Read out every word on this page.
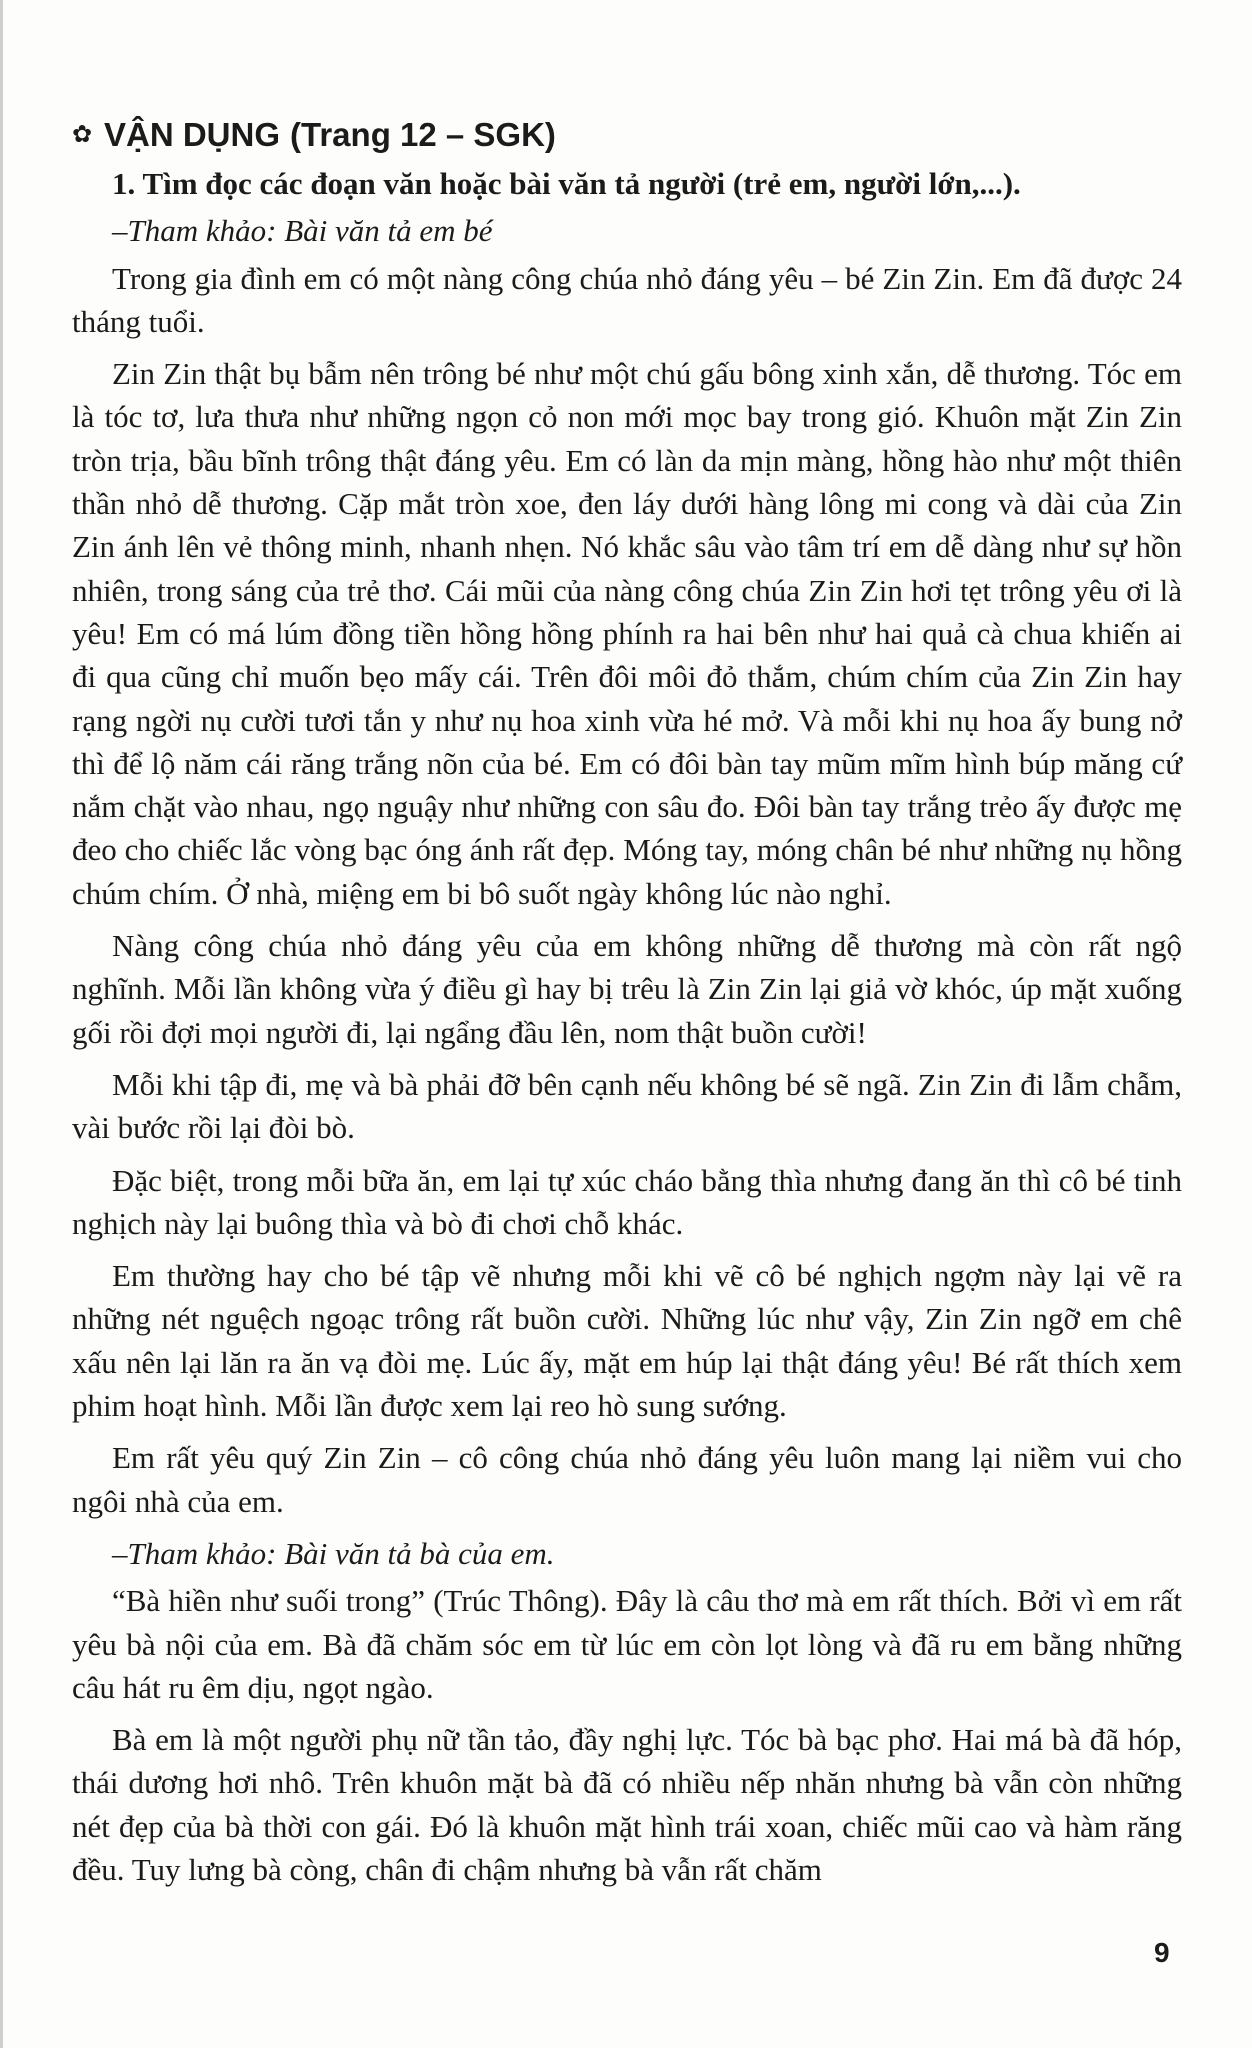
✿ VẬN DỤNG (Trang 12 – SGK)
1. Tìm đọc các đoạn văn hoặc bài văn tả người (trẻ em, người lớn,...).
–Tham khảo: Bài văn tả em bé

Trong gia đình em có một nàng công chúa nhỏ đáng yêu – bé Zin Zin. Em đã được 24 tháng tuổi.

Zin Zin thật bụ bẫm nên trông bé như một chú gấu bông xinh xắn, dễ thương. Tóc em là tóc tơ, lưa thưa như những ngọn cỏ non mới mọc bay trong gió. Khuôn mặt Zin Zin tròn trịa, bầu bĩnh trông thật đáng yêu. Em có làn da mịn màng, hồng hào như một thiên thần nhỏ dễ thương. Cặp mắt tròn xoe, đen láy dưới hàng lông mi cong và dài của Zin Zin ánh lên vẻ thông minh, nhanh nhẹn. Nó khắc sâu vào tâm trí em dễ dàng như sự hồn nhiên, trong sáng của trẻ thơ. Cái mũi của nàng công chúa Zin Zin hơi tẹt trông yêu ơi là yêu! Em có má lúm đồng tiền hồng hồng phính ra hai bên như hai quả cà chua khiến ai đi qua cũng chỉ muốn bẹo mấy cái. Trên đôi môi đỏ thắm, chúm chím của Zin Zin hay rạng ngời nụ cười tươi tắn y như nụ hoa xinh vừa hé mở. Và mỗi khi nụ hoa ấy bung nở thì để lộ năm cái răng trắng nõn của bé. Em có đôi bàn tay mũm mĩm hình búp măng cứ nắm chặt vào nhau, ngọ nguậy như những con sâu đo. Đôi bàn tay trắng trẻo ấy được mẹ đeo cho chiếc lắc vòng bạc óng ánh rất đẹp. Móng tay, móng chân bé như những nụ hồng chúm chím. Ở nhà, miệng em bi bô suốt ngày không lúc nào nghỉ.

Nàng công chúa nhỏ đáng yêu của em không những dễ thương mà còn rất ngộ nghĩnh. Mỗi lần không vừa ý điều gì hay bị trêu là Zin Zin lại giả vờ khóc, úp mặt xuống gối rồi đợi mọi người đi, lại ngẩng đầu lên, nom thật buồn cười!

Mỗi khi tập đi, mẹ và bà phải đỡ bên cạnh nếu không bé sẽ ngã. Zin Zin đi lẫm chẫm, vài bước rồi lại đòi bò.

Đặc biệt, trong mỗi bữa ăn, em lại tự xúc cháo bằng thìa nhưng đang ăn thì cô bé tinh nghịch này lại buông thìa và bò đi chơi chỗ khác.

Em thường hay cho bé tập vẽ nhưng mỗi khi vẽ cô bé nghịch ngợm này lại vẽ ra những nét nguệch ngoạc trông rất buồn cười. Những lúc như vậy, Zin Zin ngỡ em chê xấu nên lại lăn ra ăn vạ đòi mẹ. Lúc ấy, mặt em húp lại thật đáng yêu! Bé rất thích xem phim hoạt hình. Mỗi lần được xem lại reo hò sung sướng.

Em rất yêu quý Zin Zin – cô công chúa nhỏ đáng yêu luôn mang lại niềm vui cho ngôi nhà của em.

–Tham khảo: Bài văn tả bà của em.

“Bà hiền như suối trong” (Trúc Thông). Đây là câu thơ mà em rất thích. Bởi vì em rất yêu bà nội của em. Bà đã chăm sóc em từ lúc em còn lọt lòng và đã ru em bằng những câu hát ru êm dịu, ngọt ngào.

Bà em là một người phụ nữ tần tảo, đầy nghị lực. Tóc bà bạc phơ. Hai má bà đã hóp, thái dương hơi nhô. Trên khuôn mặt bà đã có nhiều nếp nhăn nhưng bà vẫn còn những nét đẹp của bà thời con gái. Đó là khuôn mặt hình trái xoan, chiếc mũi cao và hàm răng đều. Tuy lưng bà còng, chân đi chậm nhưng bà vẫn rất chăm

9
